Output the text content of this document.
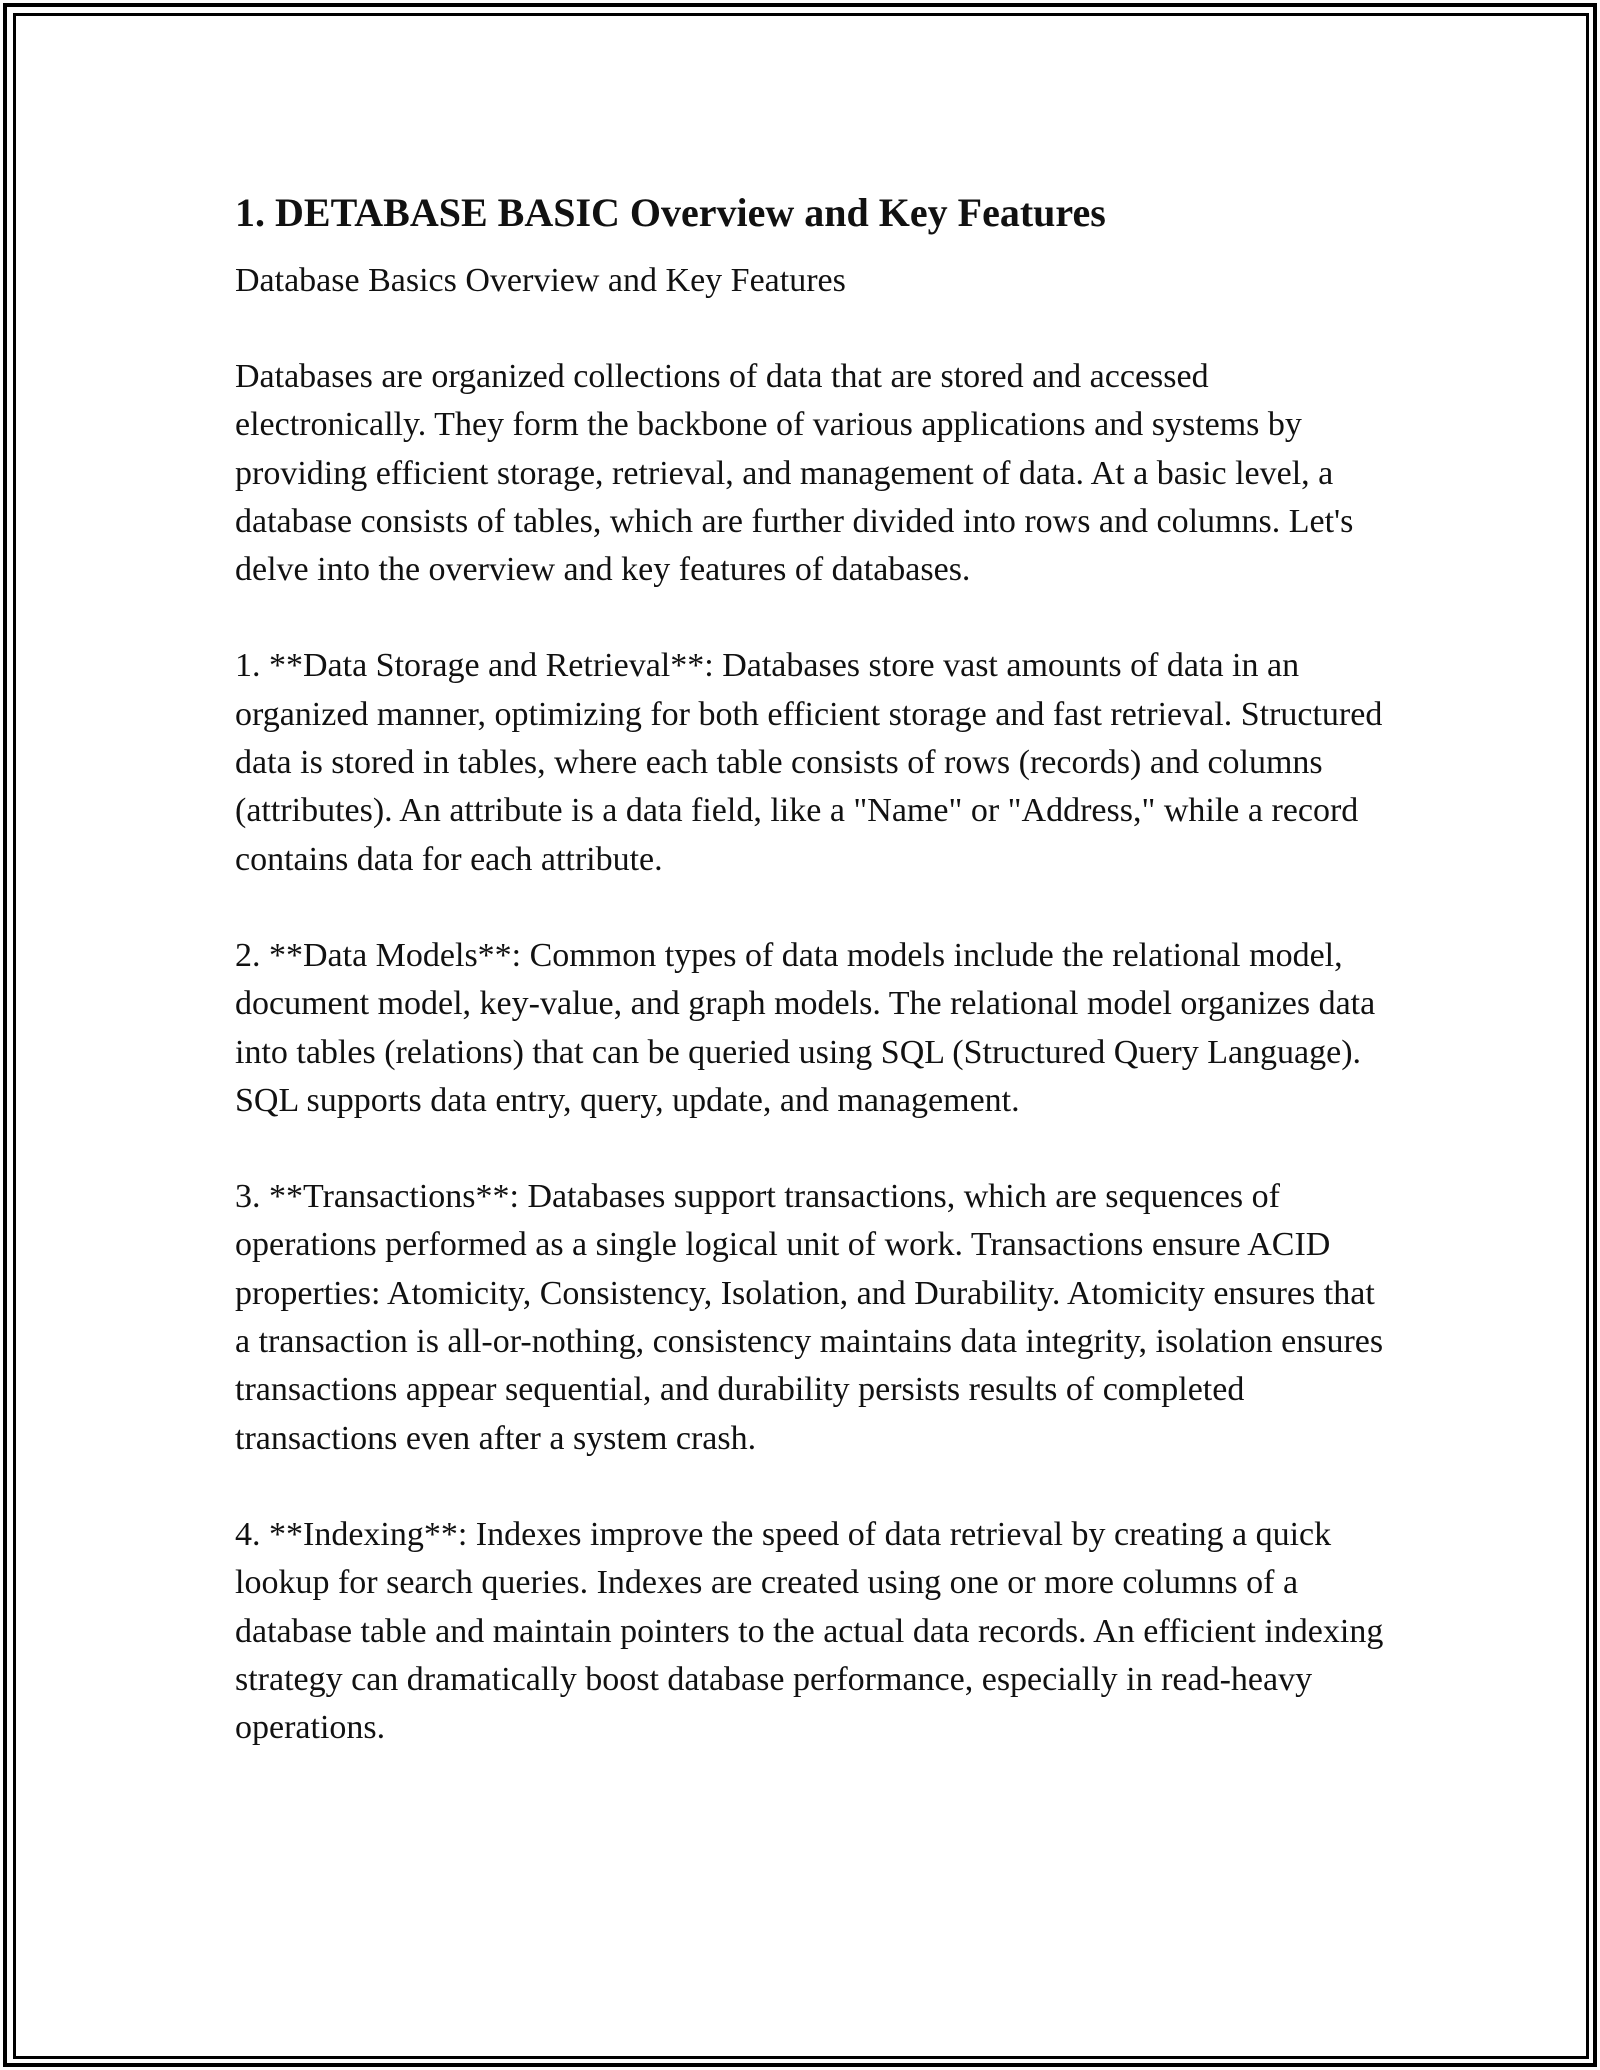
1. DETABASE BASIC Overview and Key Features

Database Basics Overview and Key Features

Databases are organized collections of data that are stored and accessed electronically. They form the backbone of various applications and systems by providing efficient storage, retrieval, and management of data. At a basic level, a database consists of tables, which are further divided into rows and columns. Let's delve into the overview and key features of databases.

1. **Data Storage and Retrieval**: Databases store vast amounts of data in an organized manner, optimizing for both efficient storage and fast retrieval. Structured data is stored in tables, where each table consists of rows (records) and columns (attributes). An attribute is a data field, like a "Name" or "Address," while a record contains data for each attribute.

2. **Data Models**: Common types of data models include the relational model, document model, key-value, and graph models. The relational model organizes data into tables (relations) that can be queried using SQL (Structured Query Language). SQL supports data entry, query, update, and management.

3. **Transactions**: Databases support transactions, which are sequences of operations performed as a single logical unit of work. Transactions ensure ACID properties: Atomicity, Consistency, Isolation, and Durability. Atomicity ensures that a transaction is all-or-nothing, consistency maintains data integrity, isolation ensures transactions appear sequential, and durability persists results of completed transactions even after a system crash.

4. **Indexing**: Indexes improve the speed of data retrieval by creating a quick lookup for search queries. Indexes are created using one or more columns of a database table and maintain pointers to the actual data records. An efficient indexing strategy can dramatically boost database performance, especially in read-heavy operations.
